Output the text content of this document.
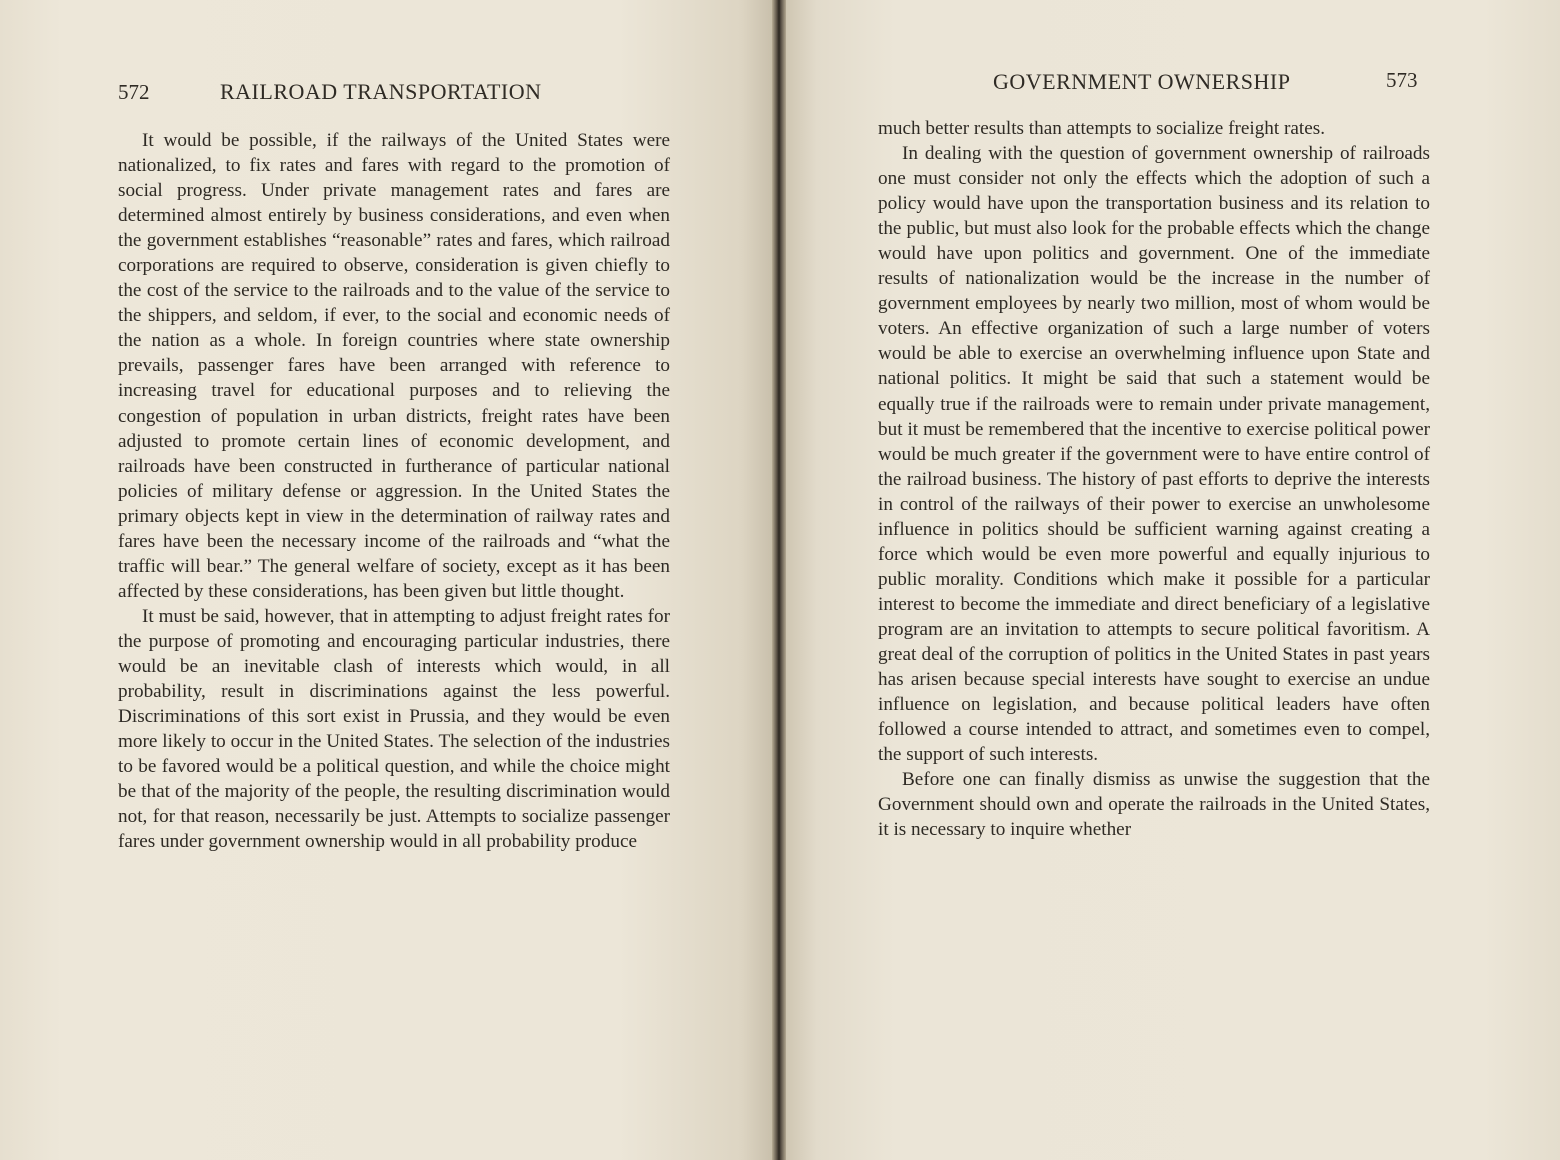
572	RAILROAD TRANSPORTATION

It would be possible, if the railways of the United States were nationalized, to fix rates and fares with regard to the promotion of social progress. Under private management rates and fares are determined almost entirely by business considerations, and even when the government establishes “reasonable” rates and fares, which railroad corporations are required to observe, consideration is given chiefly to the cost of the service to the railroads and to the value of the service to the shippers, and seldom, if ever, to the social and economic needs of the nation as a whole. In foreign countries where state ownership prevails, passenger fares have been arranged with reference to increasing travel for educational purposes and to relieving the congestion of population in urban districts, freight rates have been adjusted to promote certain lines of economic development, and railroads have been constructed in furtherance of particular national policies of military defense or aggression. In the United States the primary objects kept in view in the determination of railway rates and fares have been the necessary income of the railroads and “what the traffic will bear.” The general welfare of society, except as it has been affected by these considerations, has been given but little thought.

It must be said, however, that in attempting to adjust freight rates for the purpose of promoting and encouraging particular industries, there would be an inevitable clash of interests which would, in all probability, result in discriminations against the less powerful. Discriminations of this sort exist in Prussia, and they would be even more likely to occur in the United States. The selection of the industries to be favored would be a political question, and while the choice might be that of the majority of the people, the resulting discrimination would not, for that reason, necessarily be just. Attempts to socialize passenger fares under government ownership would in all probability produce

GOVERNMENT OWNERSHIP	573

much better results than attempts to socialize freight rates.

In dealing with the question of government ownership of railroads one must consider not only the effects which the adoption of such a policy would have upon the transportation business and its relation to the public, but must also look for the probable effects which the change would have upon politics and government. One of the immediate results of nationalization would be the increase in the number of government employees by nearly two million, most of whom would be voters. An effective organization of such a large number of voters would be able to exercise an overwhelming influence upon State and national politics. It might be said that such a statement would be equally true if the railroads were to remain under private management, but it must be remembered that the incentive to exercise political power would be much greater if the government were to have entire control of the railroad business. The history of past efforts to deprive the interests in control of the railways of their power to exercise an unwholesome influence in politics should be sufficient warning against creating a force which would be even more powerful and equally injurious to public morality. Conditions which make it possible for a particular interest to become the immediate and direct beneficiary of a legislative program are an invitation to attempts to secure political favoritism. A great deal of the corruption of politics in the United States in past years has arisen because special interests have sought to exercise an undue influence on legislation, and because political leaders have often followed a course intended to attract, and sometimes even to compel, the support of such interests.

Before one can finally dismiss as unwise the suggestion that the Government should own and operate the railroads in the United States, it is necessary to inquire whether
